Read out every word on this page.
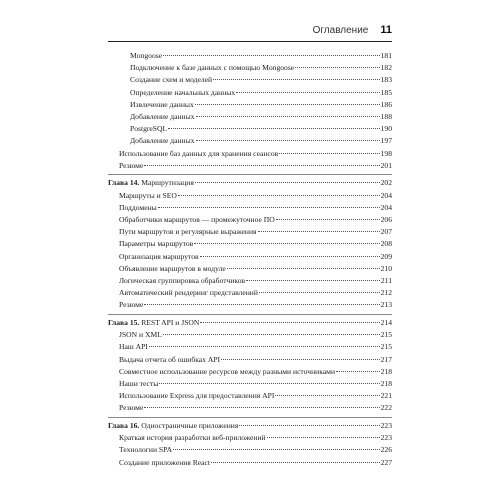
Оглавление 11
Mongoose	181
Подключение к базе данных с помощью Mongoose	182
Создание схем и моделей	183
Определение начальных данных	185
Извлечение данных	186
Добавление данных	188
PostgreSQL	190
Добавление данных	197
Использование баз данных для хранения сеансов	198
Резюме	201
Глава 14. Маршрутизация	202
Маршруты и SEO	204
Поддомены	204
Обработчики маршрутов — промежуточное ПО	206
Пути маршрутов и регулярные выражения	207
Параметры маршрутов	208
Организация маршрутов	209
Объявление маршрутов в модуле	210
Логическая группировка обработчиков	211
Автоматический рендеринг представлений	212
Резюме	213
Глава 15. REST API и JSON	214
JSON и XML	215
Наш API	215
Выдача отчета об ошибках API	217
Совместное использование ресурсов между разными источниками	218
Наши тесты	218
Использование Express для предоставления API	221
Резюме	222
Глава 16. Одностраничные приложения	223
Краткая история разработки веб-приложений	223
Технологии SPA	226
Создание приложения React	227
